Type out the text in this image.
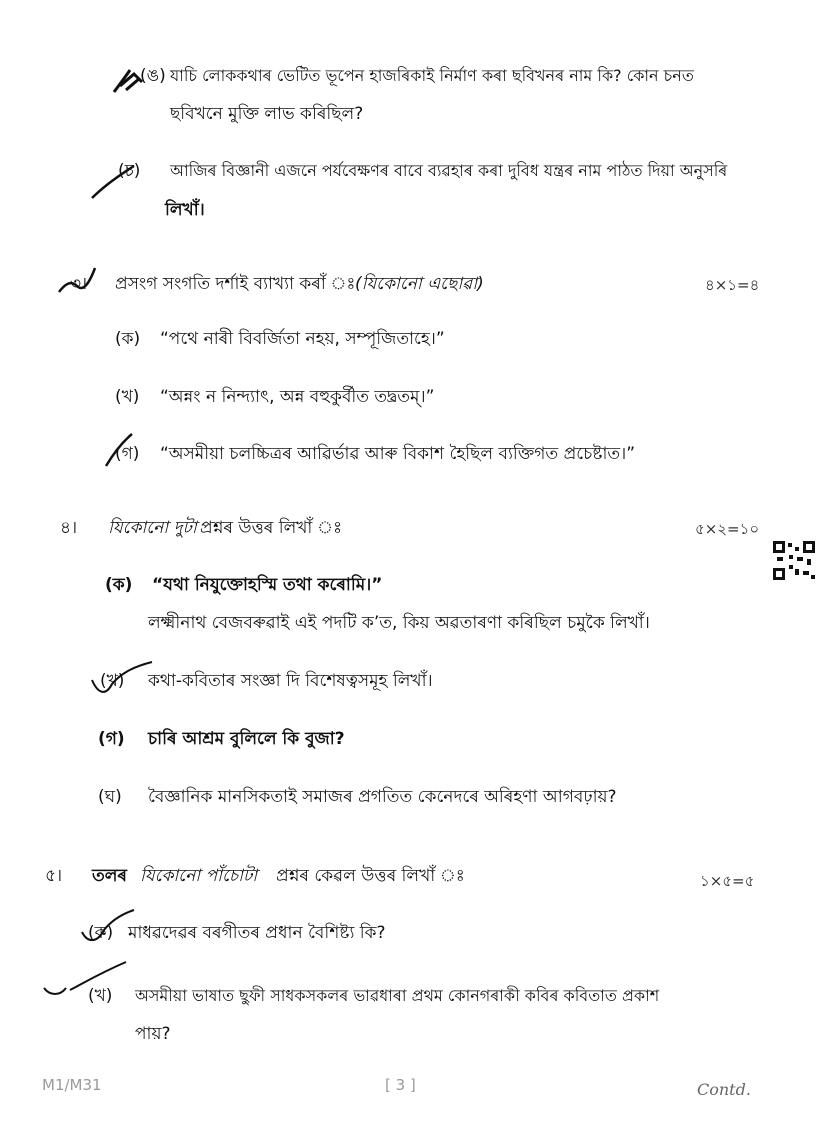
(ঙ) যাচি লোককথাৰ ভেটিত ভূপেন হাজৰিকাই নিৰ্মাণ কৰা ছবিখনৰ নাম কি? কোন চনত
ছবিখনে মুক্তি লাভ কৰিছিল?
(চ) আজিৰ বিজ্ঞানী এজনে পৰ্যবেক্ষণৰ বাবে ব্যৱহাৰ কৰা দুবিধ যন্ত্ৰৰ নাম পাঠত দিয়া অনুসৰি
লিখাঁ।
৩। প্ৰসংগ সংগতি দৰ্শাই ব্যাখ্যা কৰাঁ ঃ (যিকোনো এছোৱা)	৪×১=৪
(ক) “পথে নাৰী বিবৰ্জিতা নহয়, সম্পূজিতাহে।”
(খ) “অন্নং ন নিন্দ্যাৎ, অন্ন বহুকুৰ্বীত তদ্ব্ৰতম্।”
(গ) “অসমীয়া চলচ্চিত্ৰৰ আৱিৰ্ভাৱ আৰু বিকাশ হৈছিল ব্যক্তিগত প্ৰচেষ্টাত।”
৪। যিকোনো দুটা প্ৰশ্নৰ উত্তৰ লিখাঁ ঃ	৫×২=১০
(ক) “যথা নিযুক্তোহস্মি তথা কৰোমি।”
লক্ষ্মীনাথ বেজবৰুৱাই এই পদটি ক’ত, কিয় অৱতাৰণা কৰিছিল চমুকৈ লিখাঁ।
(খ) কথা-কবিতাৰ সংজ্ঞা দি বিশেষত্বসমূহ লিখাঁ।
(গ) চাৰি আশ্ৰম বুলিলে কি বুজা?
(ঘ) বৈজ্ঞানিক মানসিকতাই সমাজৰ প্ৰগতিত কেনেদৰে অৰিহণা আগবঢ়ায়?
৫। তলৰ যিকোনো পাঁচোটা প্ৰশ্নৰ কেৱল উত্তৰ লিখাঁ ঃ	১×৫=৫
(ক) মাধৱদেৱৰ বৰগীতৰ প্ৰধান বৈশিষ্ট্য কি?
(খ) অসমীয়া ভাষাত ছুফী সাধকসকলৰ ভাৱধাৰা প্ৰথম কোনগৰাকী কবিৰ কবিতাত প্ৰকাশ
পায়?
M1/M31	[ 3 ]	Contd.
